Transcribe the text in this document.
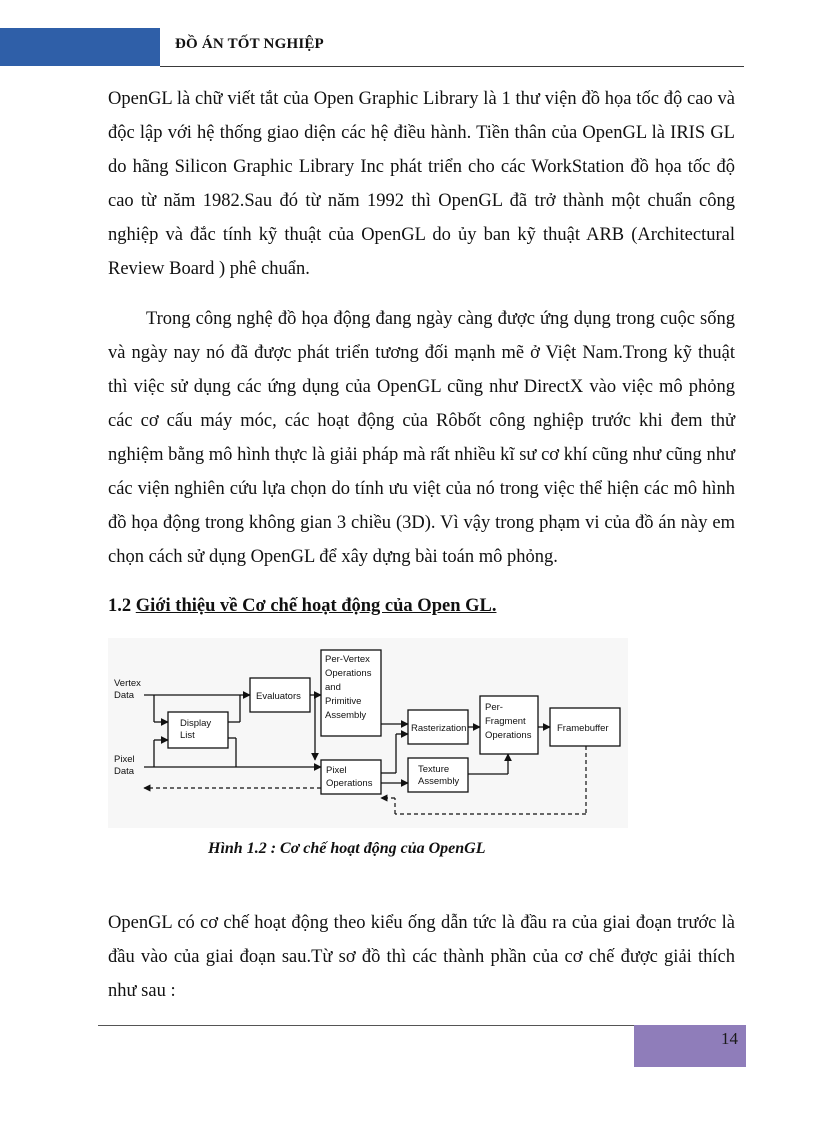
ĐỒ ÁN TỐT NGHIỆP

OpenGL là chữ viết tắt của Open Graphic Library là 1 thư viện đồ họa tốc độ cao và độc lập với hệ thống giao diện các hệ điều hành. Tiền thân của OpenGL là IRIS GL do hãng Silicon Graphic Library Inc phát triển cho các WorkStation đồ họa tốc độ cao từ năm 1982.Sau đó từ năm 1992 thì OpenGL đã trở thành một chuẩn công nghiệp và đắc tính kỹ thuật của OpenGL do ủy ban kỹ thuật ARB (Architectural Review Board ) phê chuẩn.

Trong công nghệ đồ họa động đang ngày càng được ứng dụng trong cuộc sống và ngày nay nó đã được phát triển tương đối mạnh mẽ ở Việt Nam.Trong kỹ thuật thì việc sử dụng các ứng dụng của OpenGL cũng như DirectX vào việc mô phỏng các cơ cấu máy móc, các hoạt động của Rôbốt công nghiệp trước khi đem thử nghiệm bằng mô hình thực là giải pháp mà rất nhiều kĩ sư cơ khí cũng như cũng như các viện nghiên cứu lựa chọn do tính ưu việt của nó trong việc thể hiện các mô hình đồ họa động trong không gian 3 chiều (3D). Vì vậy trong phạm vi của đồ án này em chọn cách sử dụng OpenGL để xây dựng bài toán mô phỏng.

1.2 Giới thiệu về Cơ chế hoạt động của Open GL.

Vertex Data
Pixel Data
Display List
Evaluators
Per-Vertex Operations and Primitive Assembly
Pixel Operations
Rasterization
Texture Assembly
Per-Fragment Operations
Framebuffer
Hình 1.2 : Cơ chế hoạt động của OpenGL

OpenGL có cơ chế hoạt động theo kiểu ống dẫn tức là đầu ra của giai đoạn trước là đầu vào của giai đoạn sau.Từ sơ đồ thì các thành phần của cơ chế được giải thích như sau :

14
